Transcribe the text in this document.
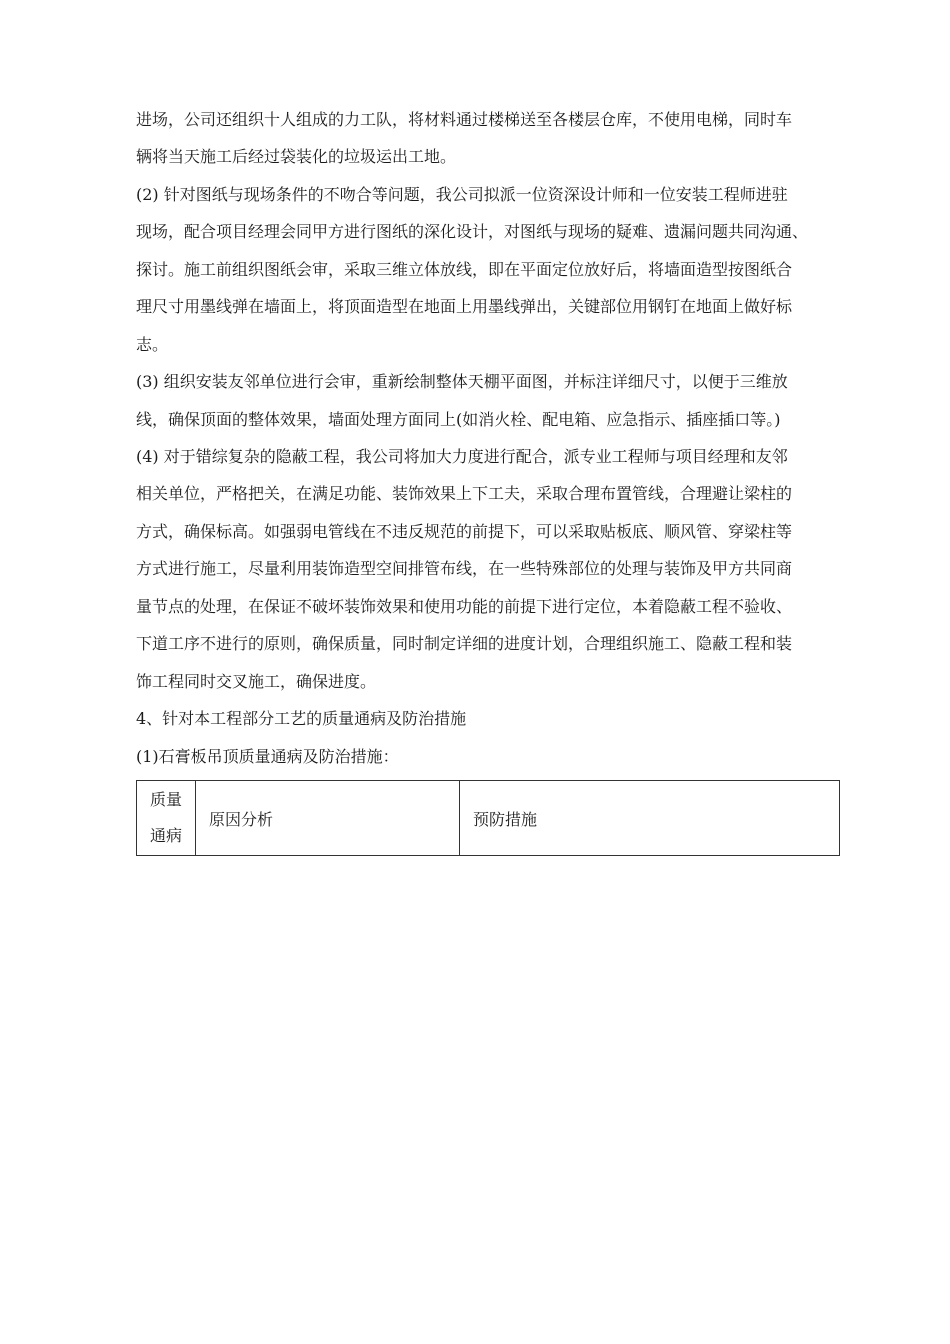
进场，公司还组织十人组成的力工队，将材料通过楼梯送至各楼层仓库，不使用电梯，同时车
辆将当天施工后经过袋装化的垃圾运出工地。
(2) 针对图纸与现场条件的不吻合等问题，我公司拟派一位资深设计师和一位安装工程师进驻
现场，配合项目经理会同甲方进行图纸的深化设计，对图纸与现场的疑难、遗漏问题共同沟通、
探讨。施工前组织图纸会审，采取三维立体放线，即在平面定位放好后，将墙面造型按图纸合
理尺寸用墨线弹在墙面上，将顶面造型在地面上用墨线弹出，关键部位用钢钉在地面上做好标
志。
(3) 组织安装友邻单位进行会审，重新绘制整体天棚平面图，并标注详细尺寸，以便于三维放
线，确保顶面的整体效果，墙面处理方面同上(如消火栓、配电箱、应急指示、插座插口等。)
(4) 对于错综复杂的隐蔽工程，我公司将加大力度进行配合，派专业工程师与项目经理和友邻
相关单位，严格把关，在满足功能、装饰效果上下工夫，采取合理布置管线，合理避让梁柱的
方式，确保标高。如强弱电管线在不违反规范的前提下，可以采取贴板底、顺风管、穿梁柱等
方式进行施工，尽量利用装饰造型空间排管布线，在一些特殊部位的处理与装饰及甲方共同商
量节点的处理，在保证不破坏装饰效果和使用功能的前提下进行定位，本着隐蔽工程不验收、
下道工序不进行的原则，确保质量，同时制定详细的进度计划，合理组织施工、隐蔽工程和装
饰工程同时交叉施工，确保进度。
4、针对本工程部分工艺的质量通病及防治措施
(1)石膏板吊顶质量通病及防治措施：
质量
通病
	原因分析	预防措施
